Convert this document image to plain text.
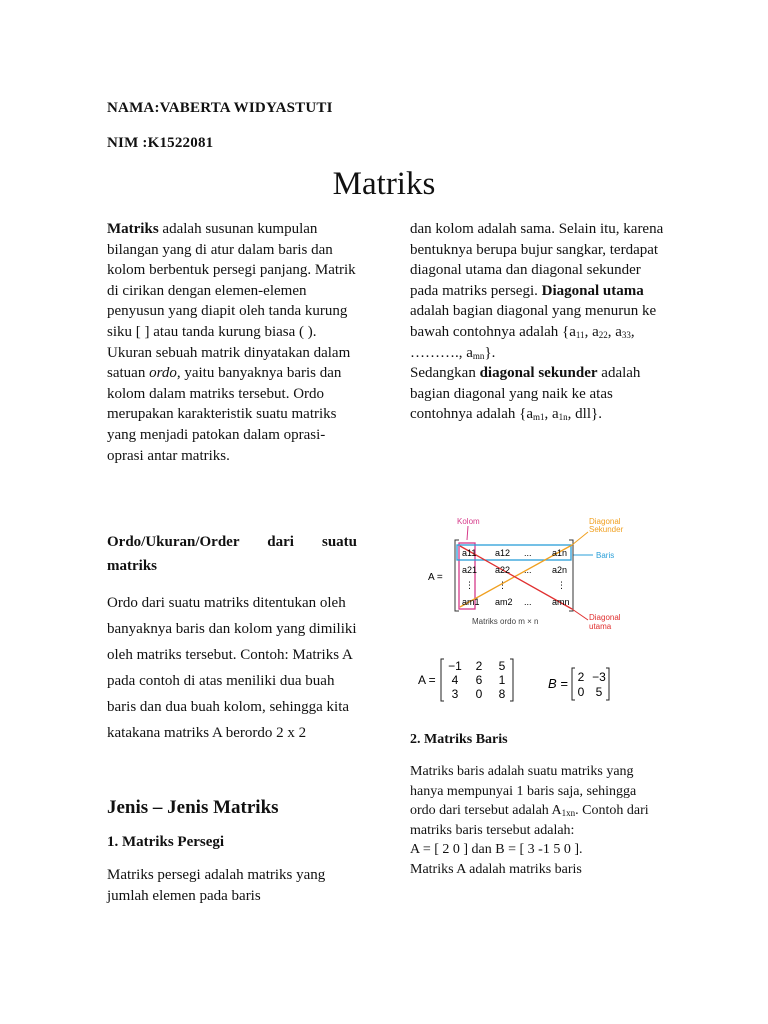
NAMA:VABERTA WIDYASTUTI
NIM :K1522081
Matriks

Matriks adalah susunan kumpulan bilangan yang di atur dalam baris dan kolom berbentuk persegi panjang. Matrik di cirikan dengan elemen-elemen penyusun yang diapit oleh tanda kurung siku [ ] atau tanda kurung biasa ( ). Ukuran sebuah matrik dinyatakan dalam satuan ordo, yaitu banyaknya baris dan kolom dalam matriks tersebut. Ordo merupakan karakteristik suatu matriks yang menjadi patokan dalam oprasi-oprasi antar matriks.

Ordo/Ukuran/Order dari suatu matriks
Ordo dari suatu matriks ditentukan oleh banyaknya baris dan kolom yang dimiliki oleh matriks tersebut. Contoh: Matriks A pada contoh di atas meniliki dua buah baris dan dua buah kolom, sehingga kita katakana matriks A berordo 2 x 2
Jenis – Jenis Matriks
1. Matriks Persegi
Matriks persegi adalah matriks yang jumlah elemen pada baris

dan kolom adalah sama. Selain itu, karena bentuknya berupa bujur sangkar, terdapat diagonal utama dan diagonal sekunder pada matriks persegi. Diagonal utama adalah bagian diagonal yang menurun ke bawah contohnya adalah {$a_{11}$, $a_{22}$, $a_{33}$, ………., $a_{mn}$}.

Sedangkan diagonal sekunder adalah bagian diagonal yang naik ke atas contohnya adalah {$a_{m1}$, $a_{1n}$, dll}.

Kolom	Diagonal
Sekunder
Baris
Diagonal
utama
A =
a11 a12 ... a1n
a21 a22 ... a2n
⋮	⋮	⋮
am1 am2 ... amn
Matriks ordo m × n
A =
−1 2 5
4 6 1
3 0 8
B = 2 −3
0 5
2. Matriks Baris
Matriks baris adalah suatu matriks yang hanya mempunyai 1 baris saja, sehingga ordo dari tersebut adalah $A_{1xn}$. Contoh dari matriks baris tersebut adalah:
A = [ 2 0 ] dan B = [ 3 -1 5 0 ].
Matriks A adalah matriks baris
